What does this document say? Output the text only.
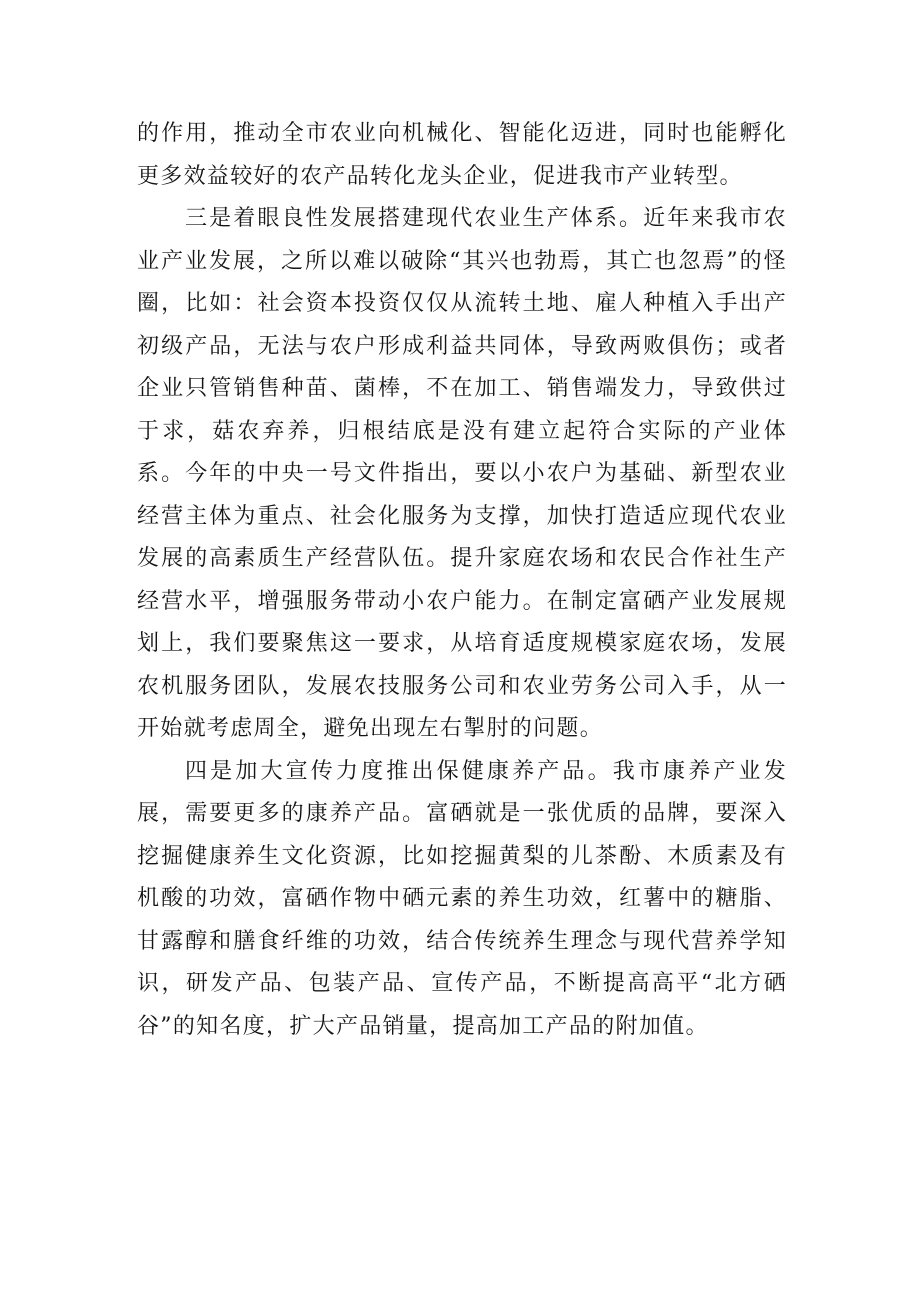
的作用，推动全市农业向机械化、智能化迈进，同时也能孵化更多效益较好的农产品转化龙头企业，促进我市产业转型。

三是着眼良性发展搭建现代农业生产体系。近年来我市农业产业发展，之所以难以破除“其兴也勃焉，其亡也忽焉”的怪圈，比如：社会资本投资仅仅从流转土地、雇人种植入手出产初级产品，无法与农户形成利益共同体，导致两败俱伤；或者企业只管销售种苗、菌棒，不在加工、销售端发力，导致供过于求，菇农弃养，归根结底是没有建立起符合实际的产业体系。今年的中央一号文件指出，要以小农户为基础、新型农业经营主体为重点、社会化服务为支撑，加快打造适应现代农业发展的高素质生产经营队伍。提升家庭农场和农民合作社生产经营水平，增强服务带动小农户能力。在制定富硒产业发展规划上，我们要聚焦这一要求，从培育适度规模家庭农场，发展农机服务团队，发展农技服务公司和农业劳务公司入手，从一开始就考虑周全，避免出现左右掣肘的问题。

四是加大宣传力度推出保健康养产品。我市康养产业发展，需要更多的康养产品。富硒就是一张优质的品牌，要深入挖掘健康养生文化资源，比如挖掘黄梨的儿茶酚、木质素及有机酸的功效，富硒作物中硒元素的养生功效，红薯中的糖脂、甘露醇和膳食纤维的功效，结合传统养生理念与现代营养学知识，研发产品、包装产品、宣传产品，不断提高高平“北方硒谷”的知名度，扩大产品销量，提高加工产品的附加值。
